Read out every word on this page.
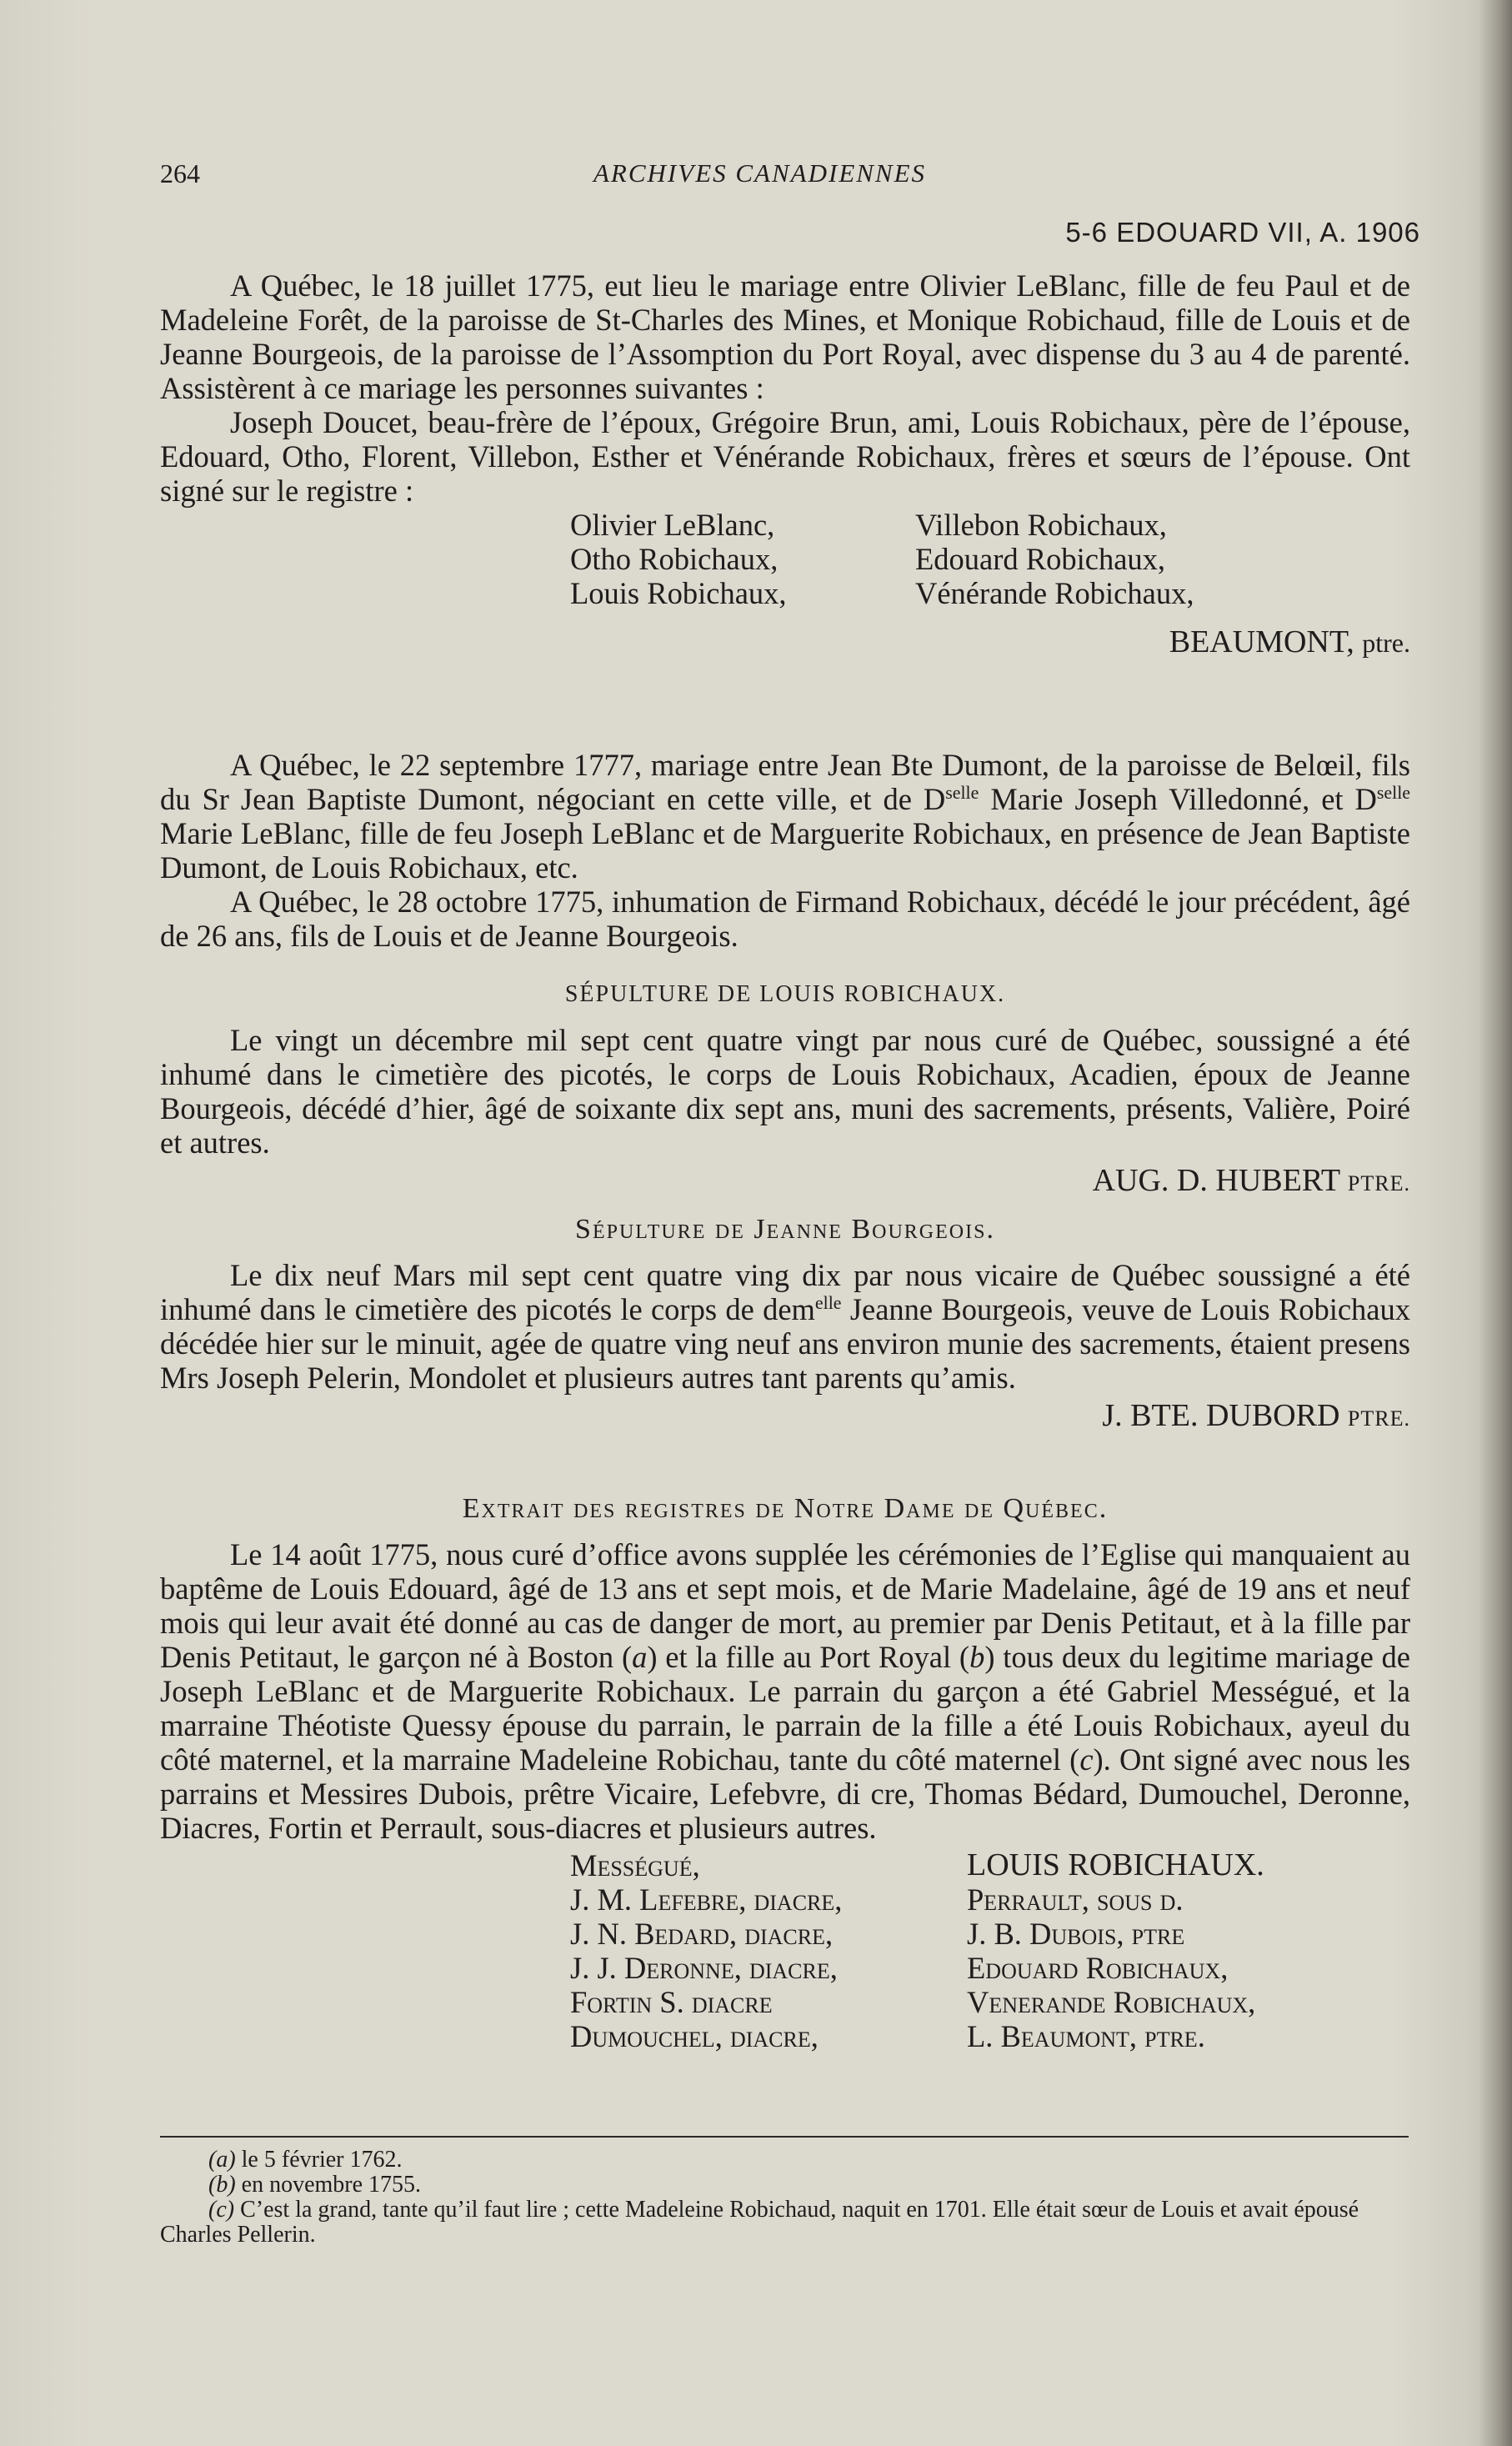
264	ARCHIVES CANADIENNES
5-6 EDOUARD VII, A. 1906

A Québec, le 18 juillet 1775, eut lieu le mariage entre Olivier LeBlanc, fille de feu Paul et de Madeleine Forêt, de la paroisse de St-Charles des Mines, et Monique Robichaud, fille de Louis et de Jeanne Bourgeois, de la paroisse de l’Assomption du Port Royal, avec dispense du 3 au 4 de parenté. Assistèrent à ce mariage les personnes suivantes :

Joseph Doucet, beau-frère de l’époux, Grégoire Brun, ami, Louis Robichaux, père de l’épouse, Edouard, Otho, Florent, Villebon, Esther et Vénérande Robichaux, frères et sœurs de l’épouse. Ont signé sur le registre :

Olivier LeBlanc,
Otho Robichaux,
Louis Robichaux,
Villebon Robichaux,
Edouard Robichaux,
Vénérande Robichaux,

BEAUMONT, ptre.

A Québec, le 22 septembre 1777, mariage entre Jean Bte Dumont, de la paroisse de Belœil, fils du Sr Jean Baptiste Dumont, négociant en cette ville, et de $D^{selle}$ Marie Joseph Villedonné, et $D^{selle}$ Marie LeBlanc, fille de feu Joseph LeBlanc et de Marguerite Robichaux, en présence de Jean Baptiste Dumont, de Louis Robichaux, etc.

A Québec, le 28 octobre 1775, inhumation de Firmand Robichaux, décédé le jour précédent, âgé de 26 ans, fils de Louis et de Jeanne Bourgeois.

SÉPULTURE DE LOUIS ROBICHAUX.

Le vingt un décembre mil sept cent quatre vingt par nous curé de Québec, soussigné a été inhumé dans le cimetière des picotés, le corps de Louis Robichaux, Acadien, époux de Jeanne Bourgeois, décédé d’hier, âgé de soixante dix sept ans, muni des sacrements, présents, Valière, Poiré et autres.

AUG. D. HUBERT PTRE.

Sépulture de Jeanne Bourgeois.

Le dix neuf Mars mil sept cent quatre ving dix par nous vicaire de Québec soussigné a été inhumé dans le cimetière des picotés le corps de dem$^{elle}$ Jeanne Bourgeois, veuve de Louis Robichaux décédée hier sur le minuit, agée de quatre ving neuf ans environ munie des sacrements, étaient presens Mrs Joseph Pelerin, Mondolet et plusieurs autres tant parents qu’amis.

J. BTE. DUBORD PTRE.

Extrait des registres de Notre Dame de Québec.

Le 14 août 1775, nous curé d’office avons supplée les cérémonies de l’Eglise qui manquaient au baptême de Louis Edouard, âgé de 13 ans et sept mois, et de Marie Madelaine, âgé de 19 ans et neuf mois qui leur avait été donné au cas de danger de mort, au premier par Denis Petitaut, et à la fille par Denis Petitaut, le garçon né à Boston (a) et la fille au Port Royal (b) tous deux du legitime mariage de Joseph LeBlanc et de Marguerite Robichaux. Le parrain du garçon a été Gabriel Mességué, et la marraine Théotiste Quessy épouse du parrain, le parrain de la fille a été Louis Robichaux, ayeul du côté maternel, et la marraine Madeleine Robichau, tante du côté maternel (c). Ont signé avec nous les parrains et Messires Dubois, prêtre Vicaire, Lefebvre, di cre, Thomas Bédard, Dumouchel, Deronne, Diacres, Fortin et Perrault, sous-diacres et plusieurs autres.

Mességué,
J. M. Lefebre, diacre,
J. N. Bedard, diacre,
J. J. Deronne, diacre,
Fortin S. diacre
Dumouchel, diacre,
LOUIS ROBICHAUX.
Perrault, sous d.
J. B. Dubois, ptre
Edouard Robichaux,
Venerande Robichaux,
L. Beaumont, ptre.

(a) le 5 février 1762.

(b) en novembre 1755.

(c) C’est la grand, tante qu’il faut lire ; cette Madeleine Robichaud, naquit en 1701. Elle était sœur de Louis et avait épousé Charles Pellerin.
